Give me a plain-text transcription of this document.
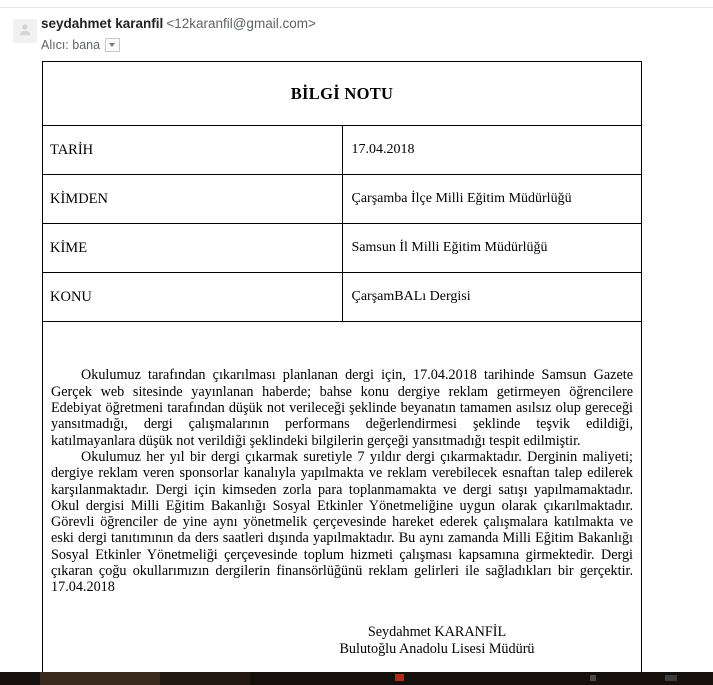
seydahmet karanfil <12karanfil@gmail.com>
Alıcı: bana
BİLGİ NOTU	
TARİH	17.04.2018
KİMDEN	Çarşamba İlçe Milli Eğitim Müdürlüğü
KİME	Samsun İl Milli Eğitim Müdürlüğü
KONU	ÇarşamBALı Dergisi

Okulumuz tarafından çıkarılması planlanan dergi için, 17.04.2018 tarihinde Samsun Gazete Gerçek web sitesinde yayınlanan haberde; bahse konu dergiye reklam getirmeyen öğrencilere Edebiyat öğretmeni tarafından düşük not verileceği şeklinde beyanatın tamamen asılsız olup gereceği yansıtmadığı, dergi çalışmalarının performans değerlendirmesi şeklinde teşvik edildiği, katılmayanlara düşük not verildiği şeklindeki bilgilerin gerçeği yansıtmadığı tespit edilmiştir.

Okulumuz her yıl bir dergi çıkarmak suretiyle 7 yıldır dergi çıkarmaktadır. Derginin maliyeti; dergiye reklam veren sponsorlar kanalıyla yapılmakta ve reklam verebilecek esnaftan talep edilerek karşılanmaktadır. Dergi için kimseden zorla para toplanmamakta ve dergi satışı yapılmamaktadır. Okul dergisi Milli Eğitim Bakanlığı Sosyal Etkinler Yönetmeliğine uygun olarak çıkarılmaktadır. Görevli öğrenciler de yine aynı yönetmelik çerçevesinde hareket ederek çalışmalara katılmakta ve eski dergi tanıtımının da ders saatleri dışında yapılmaktadır. Bu aynı zamanda Milli Eğitim Bakanlığı Sosyal Etkinler Yönetmeliği çerçevesinde toplum hizmeti çalışması kapsamına girmektedir. Dergi çıkaran çoğu okullarımızın dergilerin finansörlüğünü reklam gelirleri ile sağladıkları bir gerçektir. 17.04.2018

Seydahmet KARANFİL
Bulutoğlu Anadolu Lisesi Müdürü	
